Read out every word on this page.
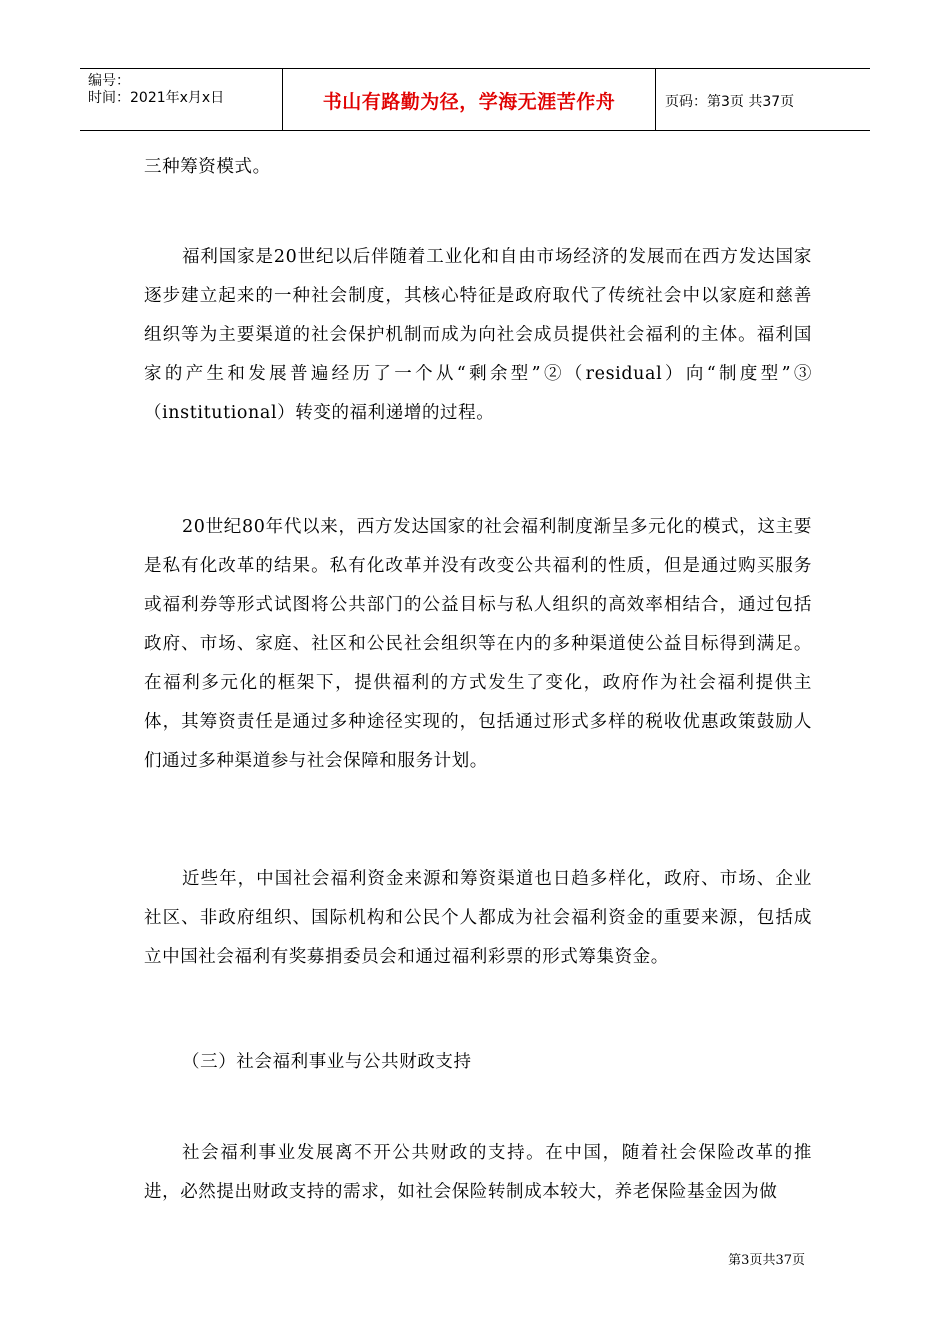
编号：
时间：2021年x月x日	书山有路勤为径，学海无涯苦作舟	页码：第3页 共37页
三种筹资模式。
福利国家是20世纪以后伴随着工业化和自由市场经济的发展而在西方发达国家逐步建立起来的一种社会制度，其核心特征是政府取代了传统社会中以家庭和慈善组织等为主要渠道的社会保护机制而成为向社会成员提供社会福利的主体。福利国家的产生和发展普遍经历了一个从“剩余型”②（residual）向“制度型”③（institutional）转变的福利递增的过程。
20世纪80年代以来，西方发达国家的社会福利制度渐呈多元化的模式，这主要是私有化改革的结果。私有化改革并没有改变公共福利的性质，但是通过购买服务或福利券等形式试图将公共部门的公益目标与私人组织的高效率相结合，通过包括政府、市场、家庭、社区和公民社会组织等在内的多种渠道使公益目标得到满足。在福利多元化的框架下，提供福利的方式发生了变化，政府作为社会福利提供主体，其筹资责任是通过多种途径实现的，包括通过形式多样的税收优惠政策鼓励人们通过多种渠道参与社会保障和服务计划。
近些年，中国社会福利资金来源和筹资渠道也日趋多样化，政府、市场、企业社区、非政府组织、国际机构和公民个人都成为社会福利资金的重要来源，包括成立中国社会福利有奖募捐委员会和通过福利彩票的形式筹集资金。
（三）社会福利事业与公共财政支持
社会福利事业发展离不开公共财政的支持。在中国，随着社会保险改革的推进，必然提出财政支持的需求，如社会保险转制成本较大，养老保险基金因为做
第3页共37页
